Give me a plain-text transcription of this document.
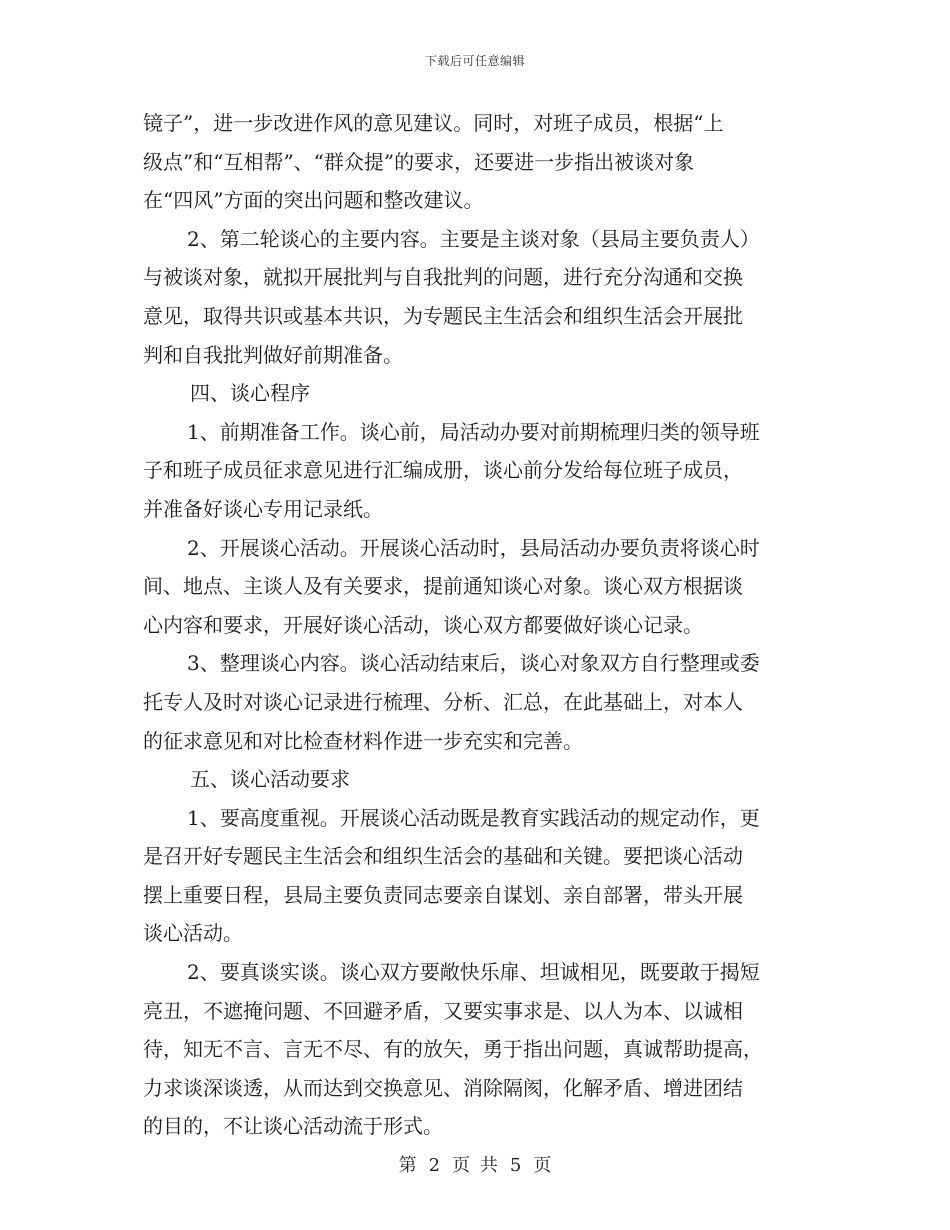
下载后可任意编辑
镜子”，进一步改进作风的意见建议。同时，对班子成员，根据“上
级点”和“互相帮”、“群众提”的要求，还要进一步指出被谈对象
在“四风”方面的突出问题和整改建议。
2、第二轮谈心的主要内容。主要是主谈对象（县局主要负责人）
与被谈对象，就拟开展批判与自我批判的问题，进行充分沟通和交换
意见，取得共识或基本共识，为专题民主生活会和组织生活会开展批
判和自我批判做好前期准备。
四、谈心程序
1、前期准备工作。谈心前，局活动办要对前期梳理归类的领导班
子和班子成员征求意见进行汇编成册，谈心前分发给每位班子成员，
并准备好谈心专用记录纸。
2、开展谈心活动。开展谈心活动时，县局活动办要负责将谈心时
间、地点、主谈人及有关要求，提前通知谈心对象。谈心双方根据谈
心内容和要求，开展好谈心活动，谈心双方都要做好谈心记录。
3、整理谈心内容。谈心活动结束后，谈心对象双方自行整理或委
托专人及时对谈心记录进行梳理、分析、汇总，在此基础上，对本人
的征求意见和对比检查材料作进一步充实和完善。
五、谈心活动要求
1、要高度重视。开展谈心活动既是教育实践活动的规定动作，更
是召开好专题民主生活会和组织生活会的基础和关键。要把谈心活动
摆上重要日程，县局主要负责同志要亲自谋划、亲自部署，带头开展
谈心活动。
2、要真谈实谈。谈心双方要敞快乐扉、坦诚相见，既要敢于揭短
亮丑，不遮掩问题、不回避矛盾，又要实事求是、以人为本、以诚相
待，知无不言、言无不尽、有的放矢，勇于指出问题，真诚帮助提高，
力求谈深谈透，从而达到交换意见、消除隔阂，化解矛盾、增进团结
的目的，不让谈心活动流于形式。
第 2 页 共 5 页
